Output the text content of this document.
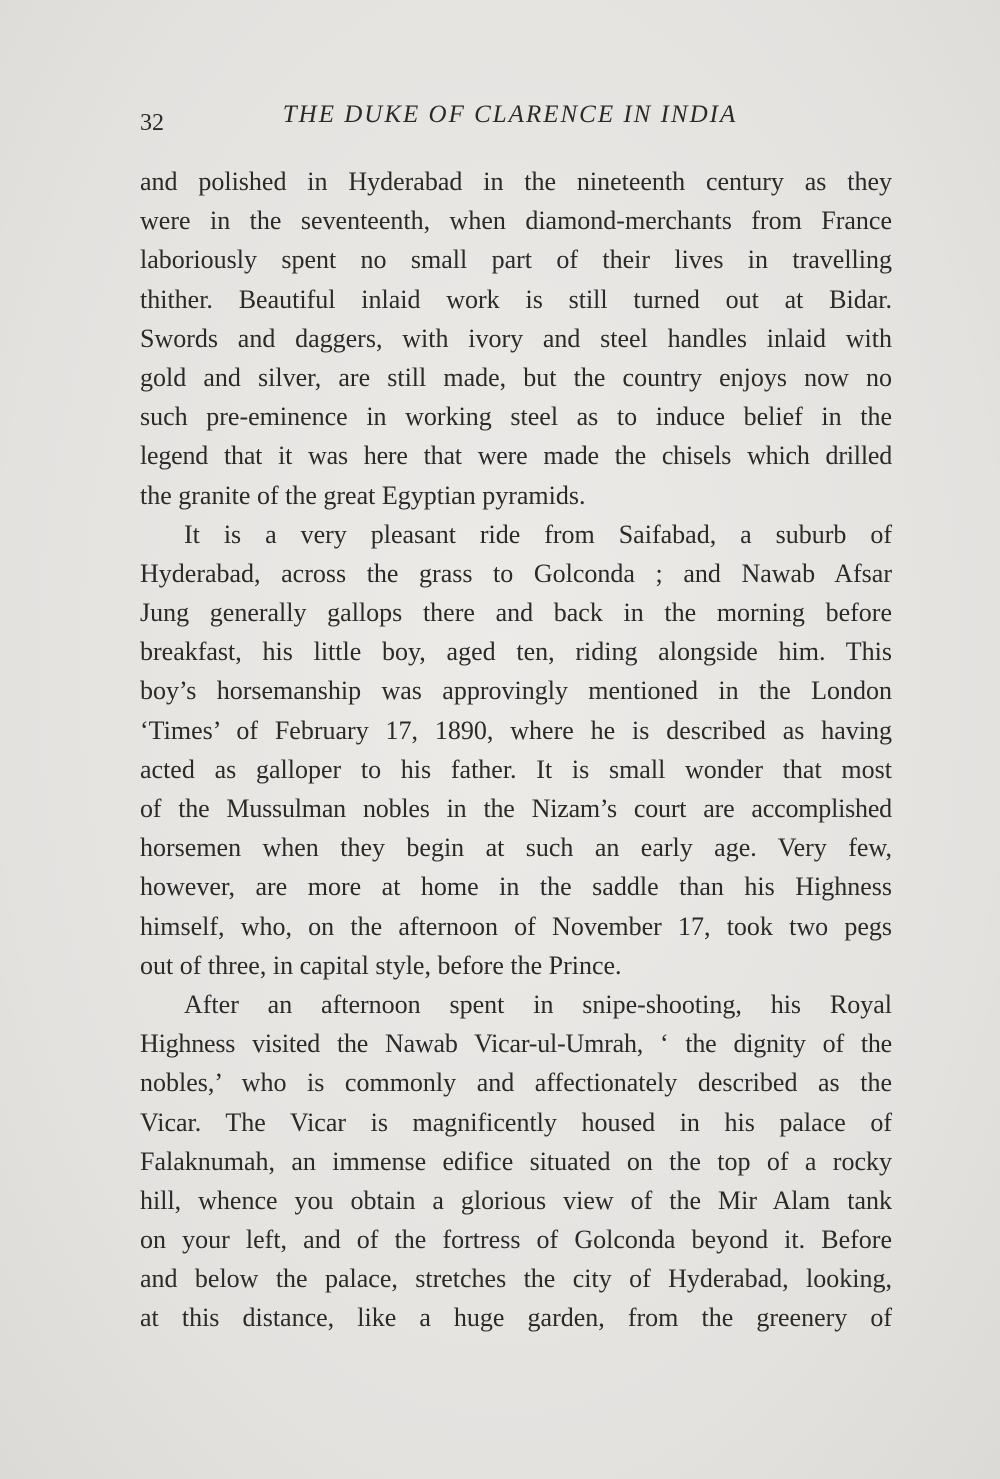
32	THE DUKE OF CLARENCE IN INDIA
and polished in Hyderabad in the nineteenth century as they
were in the seventeenth, when diamond-merchants from France
laboriously spent no small part of their lives in travelling
thither. Beautiful inlaid work is still turned out at Bidar.
Swords and daggers, with ivory and steel handles inlaid with
gold and silver, are still made, but the country enjoys now no
such pre-eminence in working steel as to induce belief in the
legend that it was here that were made the chisels which drilled
the granite of the great Egyptian pyramids.
It is a very pleasant ride from Saifabad, a suburb of
Hyderabad, across the grass to Golconda ; and Nawab Afsar
Jung generally gallops there and back in the morning before
breakfast, his little boy, aged ten, riding alongside him. This
boy’s horsemanship was approvingly mentioned in the London
‘Times’ of February 17, 1890, where he is described as having
acted as galloper to his father. It is small wonder that most
of the Mussulman nobles in the Nizam’s court are accomplished
horsemen when they begin at such an early age. Very few,
however, are more at home in the saddle than his Highness
himself, who, on the afternoon of November 17, took two pegs
out of three, in capital style, before the Prince.
After an afternoon spent in snipe-shooting, his Royal
Highness visited the Nawab Vicar-ul-Umrah, ‘ the dignity of the
nobles,’ who is commonly and affectionately described as the
Vicar. The Vicar is magnificently housed in his palace of
Falaknumah, an immense edifice situated on the top of a rocky
hill, whence you obtain a glorious view of the Mir Alam tank
on your left, and of the fortress of Golconda beyond it. Before
and below the palace, stretches the city of Hyderabad, looking,
at this distance, like a huge garden, from the greenery of
